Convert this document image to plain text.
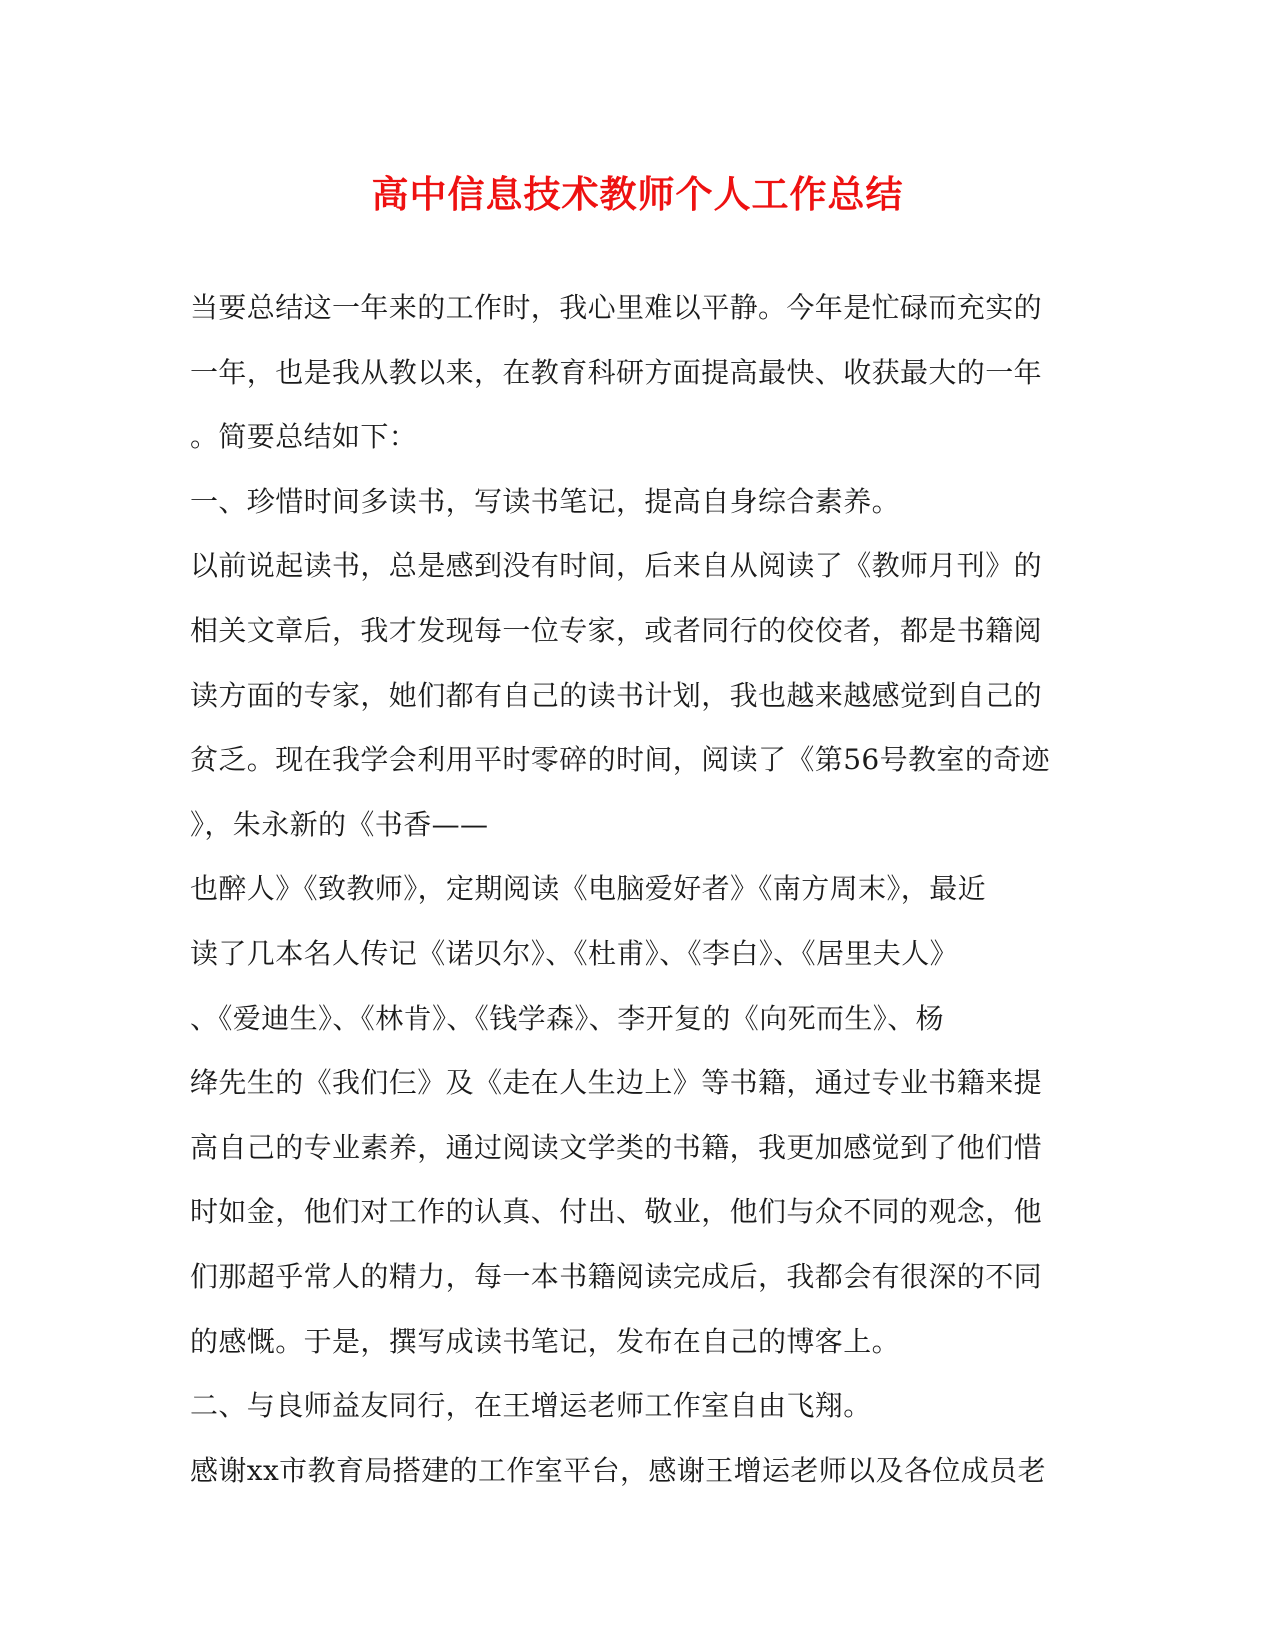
高中信息技术教师个人工作总结
当要总结这一年来的工作时，我心里难以平静。今年是忙碌而充实的
一年，也是我从教以来，在教育科研方面提高最快、收获最大的一年
。简要总结如下：
一、珍惜时间多读书，写读书笔记，提高自身综合素养。
以前说起读书，总是感到没有时间，后来自从阅读了《教师月刊》的
相关文章后，我才发现每一位专家，或者同行的佼佼者，都是书籍阅
读方面的专家，她们都有自己的读书计划，我也越来越感觉到自己的
贫乏。现在我学会利用平时零碎的时间，阅读了《第56号教室的奇迹
》，朱永新的《书香——
也醉人》《致教师》，定期阅读《电脑爱好者》《南方周末》，最近
读了几本名人传记《诺贝尔》、《杜甫》、《李白》、《居里夫人》
、《爱迪生》、《林肯》、《钱学森》、李开复的《向死而生》、杨
绛先生的《我们仨》及《走在人生边上》等书籍，通过专业书籍来提
高自己的专业素养，通过阅读文学类的书籍，我更加感觉到了他们惜
时如金，他们对工作的认真、付出、敬业，他们与众不同的观念，他
们那超乎常人的精力，每一本书籍阅读完成后，我都会有很深的不同
的感慨。于是，撰写成读书笔记，发布在自己的博客上。
二、与良师益友同行，在王增运老师工作室自由飞翔。
感谢xx市教育局搭建的工作室平台，感谢王增运老师以及各位成员老
